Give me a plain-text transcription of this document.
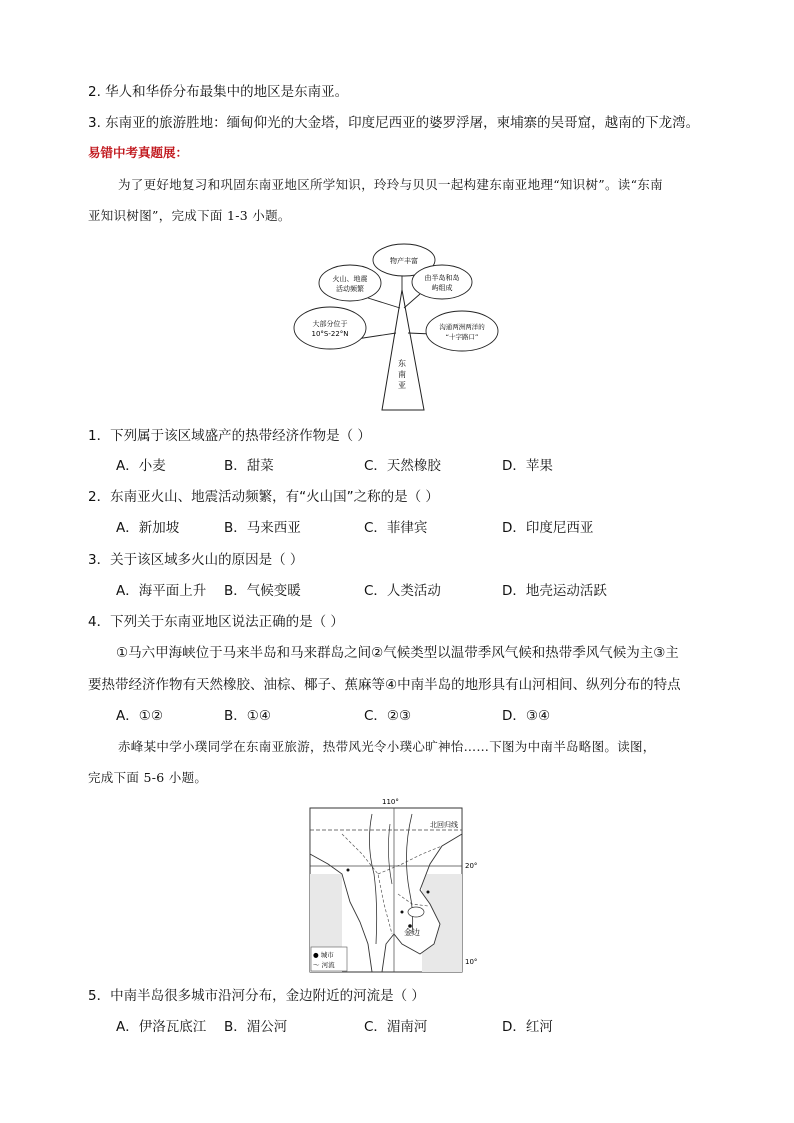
2. 华人和华侨分布最集中的地区是东南亚。
3. 东南亚的旅游胜地：缅甸仰光的大金塔，印度尼西亚的婆罗浮屠，柬埔寨的吴哥窟，越南的下龙湾。
易错中考真题展：
为了更好地复习和巩固东南亚地区所学知识，玲玲与贝贝一起构建东南亚地理“知识树”。读“东南
亚知识树图”，完成下面 1-3 小题。
物产丰富
火山、地震
活动频繁
由半岛和岛
屿组成
大部分位于
10°S-22°N
沟通两洲两洋的
“十字路口”
东
南
亚
1．下列属于该区域盛产的热带经济作物是（ ）
A．小麦	B．甜菜	C．天然橡胶	D．苹果
2．东南亚火山、地震活动频繁，有“火山国”之称的是（ ）
A．新加坡	B．马来西亚	C．菲律宾	D．印度尼西亚
3．关于该区域多火山的原因是（ ）
A．海平面上升 B．气候变暖	C．人类活动	D．地壳运动活跃
4．下列关于东南亚地区说法正确的是（ ）
①马六甲海峡位于马来半岛和马来群岛之间②气候类型以温带季风气候和热带季风气候为主③主
要热带经济作物有天然橡胶、油棕、椰子、蕉麻等④中南半岛的地形具有山河相间、纵列分布的特点
A．①②	B．①④	C．②③	D．③④
赤峰某中学小璞同学在东南亚旅游，热带风光令小璞心旷神怡……下图为中南半岛略图。读图，
完成下面 5-6 小题。
110°
北回归线
20°
10°
金边
● 城市
～ 河流
5．中南半岛很多城市沿河分布，金边附近的河流是（ ）
A．伊洛瓦底江 B．湄公河	C．湄南河	D．红河
